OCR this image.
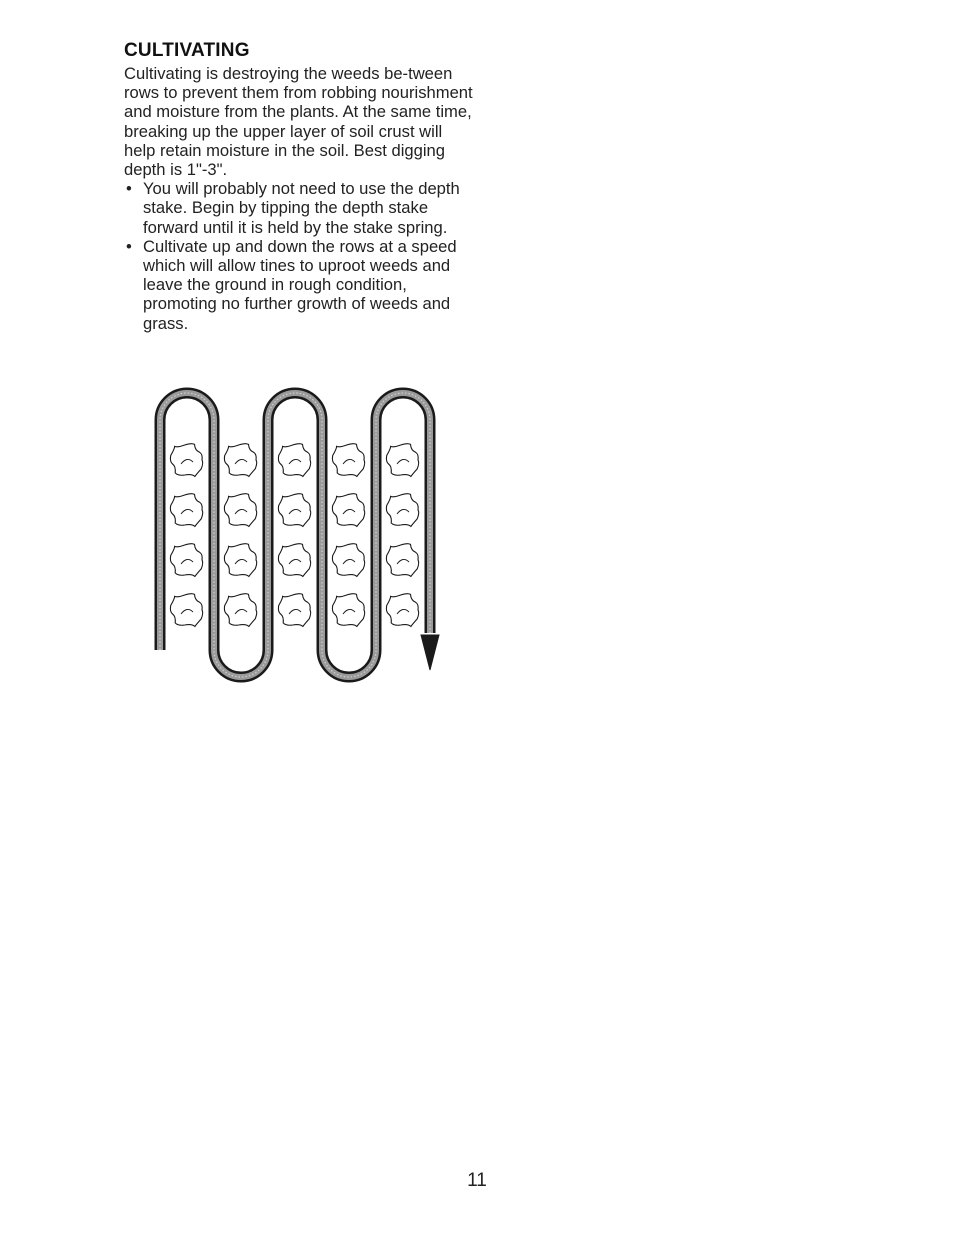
CULTIVATING

Cultivating is destroying the weeds be-tween rows to prevent them from robbing nourishment and moisture from the plants. At the same time, breaking up the upper layer of soil crust will help retain moisture in the soil. Best digging depth is 1"-3".

• You will probably not need to use the depth stake. Begin by tipping the depth stake forward until it is held by the stake spring.
• Cultivate up and down the rows at a speed which will allow tines to uproot weeds and leave the ground in rough condition, promoting no further growth of weeds and grass.
11
